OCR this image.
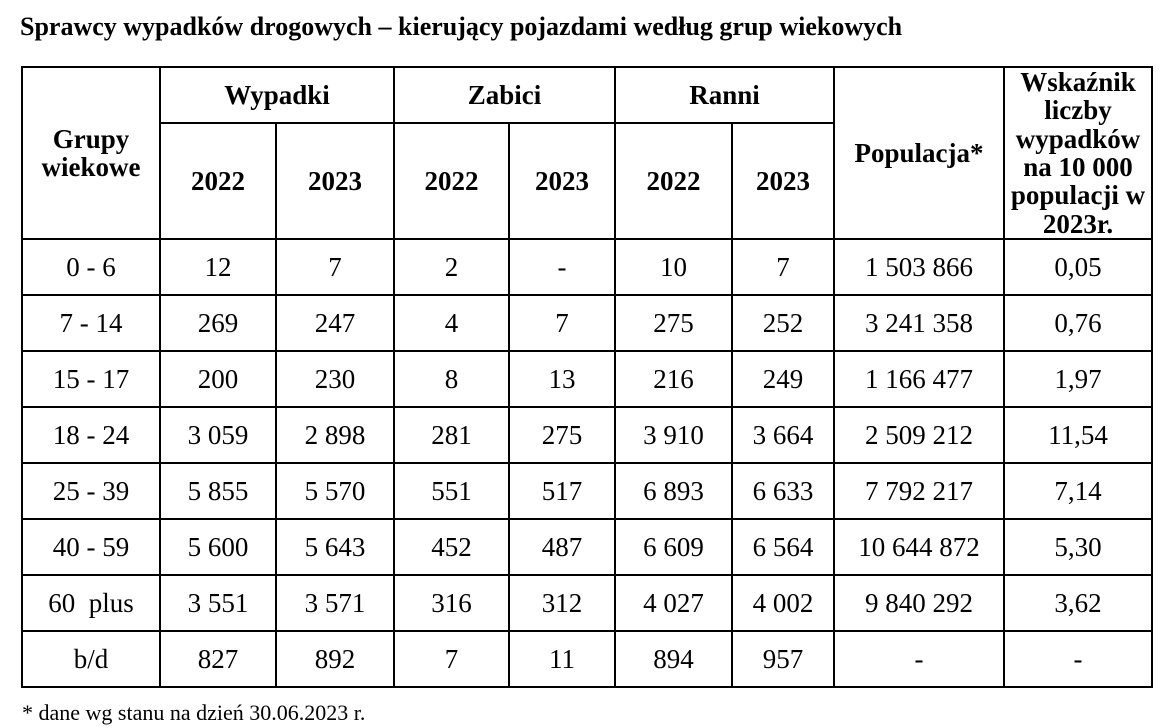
Sprawcy wypadków drogowych – kierujący pojazdami według grup wiekowych
Grupy wiekowe	Wypadki		Zabici		Ranni		Populacja*	Wskaźnik liczby wypadków na 10 000 populacji w 2023r.
	2022	2023	2022	2023	2022	2023		
0 - 6	12	7	2	-	10	7	1 503 866	0,05
7 - 14	269	247	4	7	275	252	3 241 358	0,76
15 - 17	200	230	8	13	216	249	1 166 477	1,97
18 - 24	3 059	2 898	281	275	3 910	3 664	2 509 212	11,54
25 - 39	5 855	5 570	551	517	6 893	6 633	7 792 217	7,14
40 - 59	5 600	5 643	452	487	6 609	6 564	10 644 872	5,30
60  plus	3 551	3 571	316	312	4 027	4 002	9 840 292	3,62
b/d	827	892	7	11	894	957	-	-
* dane wg stanu na dzień 30.06.2023 r.
